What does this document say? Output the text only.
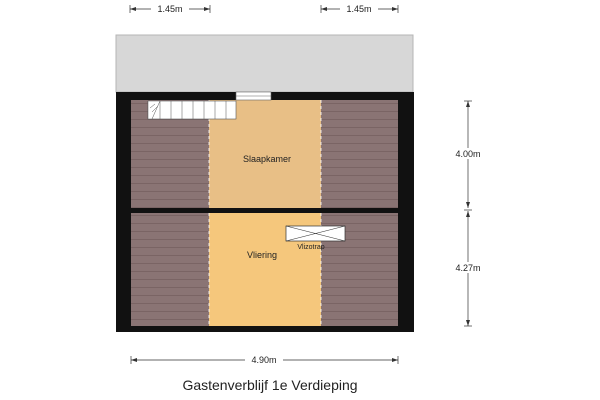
Slaapkamer
Vliering
Vlizotrap
1.45m	1.45m
4.00m
4.27m
4.90m
Gastenverblijf 1e Verdieping
